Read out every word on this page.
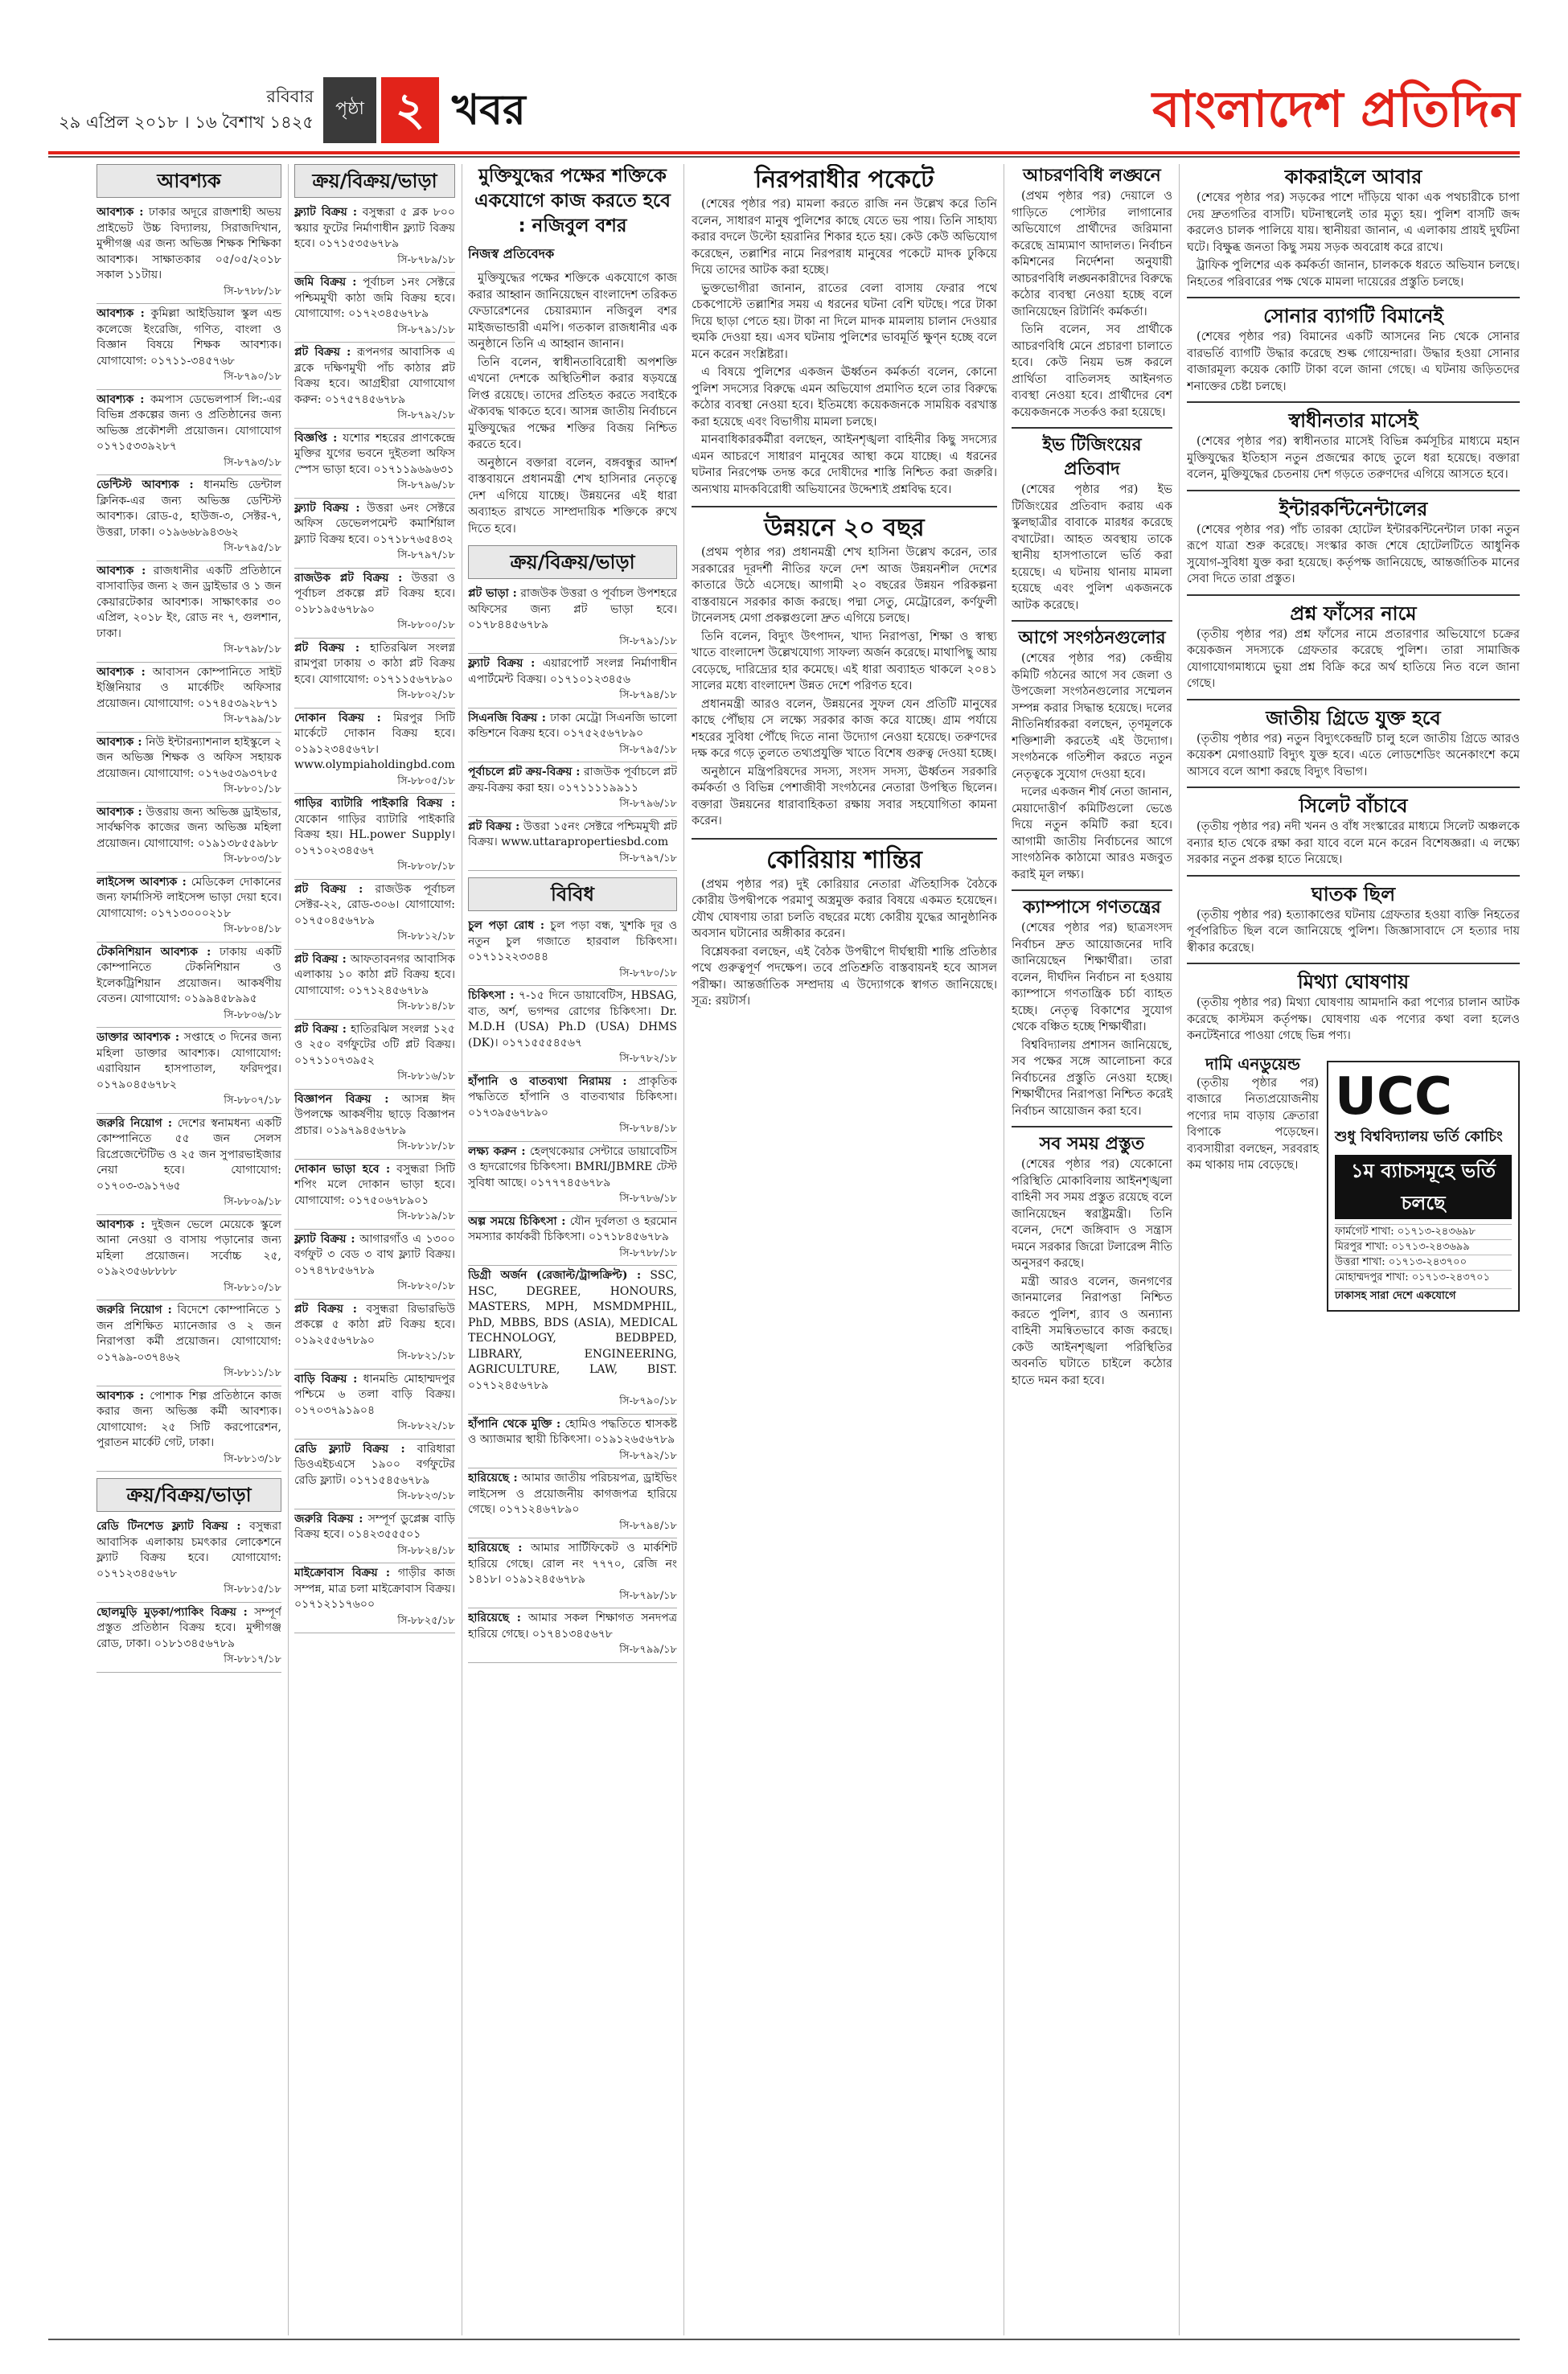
রবিবার
২৯ এপ্রিল ২০১৮ । ১৬ বৈশাখ ১৪২৫
পৃষ্ঠা ২ খবর	বাংলাদেশ প্রতিদিন
আবশ্যক
আবশ্যক : ঢাকার অদূরে রাজশাহী অভয় প্রাইভেট উচ্চ বিদ্যালয়, সিরাজদিখান, মুন্সীগঞ্জ এর জন্য অভিজ্ঞ শিক্ষক শিক্ষিকা আবশ্যক। সাক্ষাতকার ০৫/০৫/২০১৮ সকাল ১১টায়।
সি-৮৭৮৮/১৮
আবশ্যক : কুমিল্লা আইডিয়াল স্কুল এন্ড কলেজে ইংরেজি, গণিত, বাংলা ও বিজ্ঞান বিষয়ে শিক্ষক আবশ্যক। যোগাযোগ: ০১৭১১-৩৪৫৭৬৮
সি-৮৭৯০/১৮
আবশ্যক : কমপাস ডেভেলপার্স লি:-এর বিভিন্ন প্রকল্পের জন্য ও প্রতিষ্ঠানের জন্য অভিজ্ঞ প্রকৌশলী প্রয়োজন। যোগাযোগ ০১৭১৫৩৩৯২৮৭
সি-৮৭৯৩/১৮
ডেন্টিস্ট আবশ্যক : ধানমন্ডি ডেন্টাল ক্লিনিক-এর জন্য অভিজ্ঞ ডেন্টিস্ট আবশ্যক। রোড-৫, হাউজ-৩, সেক্টর-৭, উত্তরা, ঢাকা। ০১৯৬৬৮৯৪৩৬২
সি-৮৭৯৫/১৮
আবশ্যক : রাজধানীর একটি প্রতিষ্ঠানে বাসাবাড়ির জন্য ২ জন ড্রাইভার ও ১ জন কেয়ারটেকার আবশ্যক। সাক্ষাৎকার ৩০ এপ্রিল, ২০১৮ ইং, রোড নং ৭, গুলশান, ঢাকা।
সি-৮৭৯৮/১৮
আবশ্যক : আবাসন কোম্পানিতে সাইট ইঞ্জিনিয়ার ও মার্কেটিং অফিসার প্রয়োজন। যোগাযোগ: ০১৭৪৫৩৯২৮৭১
সি-৮৭৯৯/১৮
আবশ্যক : নিউ ইন্টারন্যাশনাল হাইস্কুলে ২ জন অভিজ্ঞ শিক্ষক ও অফিস সহায়ক প্রয়োজন। যোগাযোগ: ০১৭৬৫৩৯৩৭৮৫
সি-৮৮০১/১৮
আবশ্যক : উত্তরায় জন্য অভিজ্ঞ ড্রাইভার, সার্বক্ষণিক কাজের জন্য অভিজ্ঞ মহিলা প্রয়োজন। যোগাযোগ: ০১৯১৩৮৫৫৯৮৮
সি-৮৮০৩/১৮
লাইসেন্স আবশ্যক : মেডিকেল দোকানের জন্য ফার্মাসিস্ট লাইসেন্স ভাড়া দেয়া হবে। যোগাযোগ: ০১৭১৩০০০২১৮
সি-৮৮০৪/১৮
টেকনিশিয়ান আবশ্যক : ঢাকায় একটি কোম্পানিতে টেকনিশিয়ান ও ইলেকট্রিশিয়ান প্রয়োজন। আকর্ষণীয় বেতন। যোগাযোগ: ০১৯৯৪৫৮৯৯৫
সি-৮৮০৬/১৮
ডাক্তার আবশ্যক : সপ্তাহে ৩ দিনের জন্য মহিলা ডাক্তার আবশ্যক। যোগাযোগ: এরাবিয়ান হাসপাতাল, ফরিদপুর। ০১৭৯০৪৫৬৭৮২
সি-৮৮০৭/১৮
জরুরি নিয়োগ : দেশের স্বনামধন্য একটি কোম্পানিতে ৫৫ জন সেলস রিপ্রেজেন্টেটিভ ও ২৫ জন সুপারভাইজার নেয়া হবে। যোগাযোগ: ০১৭০৩-৩৯১৭৬৫
সি-৮৮০৯/১৮
আবশ্যক : দুইজন ভেলে মেয়েকে স্কুলে আনা নেওয়া ও বাসায় পড়ানোর জন্য মহিলা প্রয়োজন। সর্বোচ্চ ২৫, ০১৯২৩৫৬৮৮৮৮
সি-৮৮১০/১৮
জরুরি নিয়োগ : বিদেশে কোম্পানিতে ১ জন প্রশিক্ষিত ম্যানেজার ও ২ জন নিরাপত্তা কর্মী প্রয়োজন। যোগাযোগ: ০১৭৯৯-০৩৭৪৬২
সি-৮৮১১/১৮
আবশ্যক : পোশাক শিল্প প্রতিষ্ঠানে কাজ করার জন্য অভিজ্ঞ কর্মী আবশ্যক। যোগাযোগ: ২৫ সিটি করপোরেশন, পুরাতন মার্কেট গেট, ঢাকা।
সি-৮৮১৩/১৮
ক্রয়/বিক্রয়/ভাড়া
রেডি টিনশেড ফ্ল্যাট বিক্রয় : বসুন্ধরা আবাসিক এলাকায় চমৎকার লোকেশনে ফ্ল্যাট বিক্রয় হবে। যোগাযোগ: ০১৭১২৩৪৫৬৭৮
সি-৮৮১৫/১৮
ছোলমুড়ি মুড়কা/প্যাকিং বিক্রয় : সম্পূর্ণ প্রস্তুত প্রতিষ্ঠান বিক্রয় হবে। মুন্সীগঞ্জ রোড, ঢাকা। ০১৮১৩৪৫৬৭৮৯
সি-৮৮১৭/১৮
ক্রয়/বিক্রয়/ভাড়া
ফ্ল্যাট বিক্রয় : বসুন্ধরা ৫ ব্লক ৮০০ স্কয়ার ফুটের নির্মাণাধীন ফ্ল্যাট বিক্রয় হবে। ০১৭১৫৩৫৬৭৮৯
সি-৮৭৮৯/১৮
জমি বিক্রয় : পূর্বাচল ১নং সেক্টরে পশ্চিমমুখী কাঠা জমি বিক্রয় হবে। যোগাযোগ: ০১৭২৩৪৫৬৭৮৯
সি-৮৭৯১/১৮
প্লট বিক্রয় : রূপনগর আবাসিক এ ব্লকে দক্ষিণমুখী পাঁচ কাঠার প্লট বিক্রয় হবে। আগ্রহীরা যোগাযোগ করুন: ০১৭৫৭৪৫৬৭৮৯
সি-৮৭৯২/১৮
বিজ্ঞপ্তি : যশোর শহরের প্রাণকেন্দ্রে মুক্তির যুগের ভবনে দুইতলা অফিস স্পেস ভাড়া হবে। ০১৭১১৯৬৯৬৩১
সি-৮৭৯৬/১৮
ফ্ল্যাট বিক্রয় : উত্তরা ৬নং সেক্টরে অফিস ডেভেলপমেন্ট কমার্শিয়াল ফ্ল্যাট বিক্রয় হবে। ০১৭১৮৭৬৫৪৩২
সি-৮৭৯৭/১৮
রাজউক প্লট বিক্রয় : উত্তরা ও পূর্বাচল প্রকল্পে প্লট বিক্রয় হবে। ০১৮১৯৫৬৭৮৯০
সি-৮৮০০/১৮
প্লট বিক্রয় : হাতিরঝিল সংলগ্ন রামপুরা ঢাকায় ৩ কাঠা প্লট বিক্রয় হবে। যোগাযোগ: ০১৭১১৫৬৭৮৯০
সি-৮৮০২/১৮
দোকান বিক্রয় : মিরপুর সিটি মার্কেটে দোকান বিক্রয় হবে। ০১৯১২৩৪৫৬৭৮। www.olympiaholdingbd.com
সি-৮৮০৫/১৮
গাড়ির ব্যাটারি পাইকারি বিক্রয় : যেকোন গাড়ির ব্যাটারি পাইকারি বিক্রয় হয়। HL.power Supply। ০১৭১০২৩৪৫৬৭
সি-৮৮০৮/১৮
প্লট বিক্রয় : রাজউক পূর্বাচল সেক্টর-২২, রোড-৩০৬। যোগাযোগ: ০১৭৫০৪৫৬৭৮৯
সি-৮৮১২/১৮
প্লট বিক্রয় : আফতাবনগর আবাসিক এলাকায় ১০ কাঠা প্লট বিক্রয় হবে। যোগাযোগ: ০১৭১২৪৫৬৭৮৯
সি-৮৮১৪/১৮
প্লট বিক্রয় : হাতিরঝিল সংলগ্ন ১২৫ ও ২৫০ বর্গফুটের ৩টি প্লট বিক্রয়। ০১৭১১০৭৩৯৫২
সি-৮৮১৬/১৮
বিজ্ঞাপন বিক্রয় : আসন্ন ঈদ উপলক্ষে আকর্ষণীয় ছাড়ে বিজ্ঞাপন প্রচার। ০১৯৭৯৪৫৬৭৮৯
সি-৮৮১৮/১৮
দোকান ভাড়া হবে : বসুন্ধরা সিটি শপিং মলে দোকান ভাড়া হবে। যোগাযোগ: ০১৭৫০৬৭৮৯০১
সি-৮৮১৯/১৮
ফ্ল্যাট বিক্রয় : আগারগাঁও এ ১৩০০ বর্গফুট ৩ বেড ৩ বাথ ফ্ল্যাট বিক্রয়। ০১৭৪৭৮৫৬৭৮৯
সি-৮৮২০/১৮
প্লট বিক্রয় : বসুন্ধরা রিভারভিউ প্রকল্পে ৫ কাঠা প্লট বিক্রয় হবে। ০১৯২৫৫৬৭৮৯০
সি-৮৮২১/১৮
বাড়ি বিক্রয় : ধানমন্ডি মোহাম্মদপুর পশ্চিমে ৬ তলা বাড়ি বিক্রয়। ০১৭০৩৭৯১৯০৪
সি-৮৮২২/১৮
রেডি ফ্ল্যাট বিক্রয় : বারিধারা ডিওএইচএসে ১৯০০ বর্গফুটের রেডি ফ্ল্যাট। ০১৭১৫৪৫৬৭৮৯
সি-৮৮২৩/১৮
জরুরি বিক্রয় : সম্পূর্ণ ডুপ্লেক্স বাড়ি বিক্রয় হবে। ০১৪২৩৫৫৫০১
সি-৮৮২৪/১৮
মাইক্রোবাস বিক্রয় : গাড়ীর কাজ সম্পন্ন, মাত্র চলা মাইক্রোবাস বিক্রয়। ০১৭১২১১৭৬০০
সি-৮৮২৫/১৮
মুক্তিযুদ্ধের পক্ষের শক্তিকে একযোগে কাজ করতে হবে : নজিবুল বশর
নিজস্ব প্রতিবেদক

মুক্তিযুদ্ধের পক্ষের শক্তিকে একযোগে কাজ করার আহ্বান জানিয়েছেন বাংলাদেশ তরিকত ফেডারেশনের চেয়ারম্যান নজিবুল বশর মাইজভান্ডারী এমপি। গতকাল রাজধানীর এক অনুষ্ঠানে তিনি এ আহ্বান জানান।

তিনি বলেন, স্বাধীনতাবিরোধী অপশক্তি এখনো দেশকে অস্থিতিশীল করার ষড়যন্ত্রে লিপ্ত রয়েছে। তাদের প্রতিহত করতে সবাইকে ঐক্যবদ্ধ থাকতে হবে। আসন্ন জাতীয় নির্বাচনে মুক্তিযুদ্ধের পক্ষের শক্তির বিজয় নিশ্চিত করতে হবে।

অনুষ্ঠানে বক্তারা বলেন, বঙ্গবন্ধুর আদর্শ বাস্তবায়নে প্রধানমন্ত্রী শেখ হাসিনার নেতৃত্বে দেশ এগিয়ে যাচ্ছে। উন্নয়নের এই ধারা অব্যাহত রাখতে সাম্প্রদায়িক শক্তিকে রুখে দিতে হবে।

ক্রয়/বিক্রয়/ভাড়া
প্লট ভাড়া : রাজউক উত্তরা ও পূর্বাচল উপশহরে অফিসের জন্য প্লট ভাড়া হবে। ০১৭৮৪৪৫৬৭৮৯
সি-৮৭৯১/১৮
ফ্ল্যাট বিক্রয় : এয়ারপোর্ট সংলগ্ন নির্মাণাধীন এপার্টমেন্ট বিক্রয়। ০১৭১০১২৩৪৫৬
সি-৮৭৯৪/১৮
সিএনজি বিক্রয় : ঢাকা মেট্রো সিএনজি ভালো কন্ডিশনে বিক্রয় হবে। ০১৭৫২৫৬৭৮৯০
সি-৮৭৯৫/১৮
পূর্বাচলে প্লট ক্রয়-বিক্রয় : রাজউক পূর্বাচলে প্লট ক্রয়-বিক্রয় করা হয়। ০১৭১১১১৯৯১১
সি-৮৭৯৬/১৮
প্লট বিক্রয় : উত্তরা ১৫নং সেক্টরে পশ্চিমমুখী প্লট বিক্রয়। www.uttarapropertiesbd.com
সি-৮৭৯৭/১৮
বিবিধ
চুল পড়া রোধ : চুল পড়া বন্ধ, খুশকি দূর ও নতুন চুল গজাতে হারবাল চিকিৎসা। ০১৭১১২২৩৩৪৪
সি-৮৭৮০/১৮
চিকিৎসা : ৭-১৫ দিনে ডায়াবেটিস, HBSAG, বাত, অর্শ, ভগন্দর রোগের চিকিৎসা। Dr. M.D.H (USA) Ph.D (USA) DHMS (DK)। ০১৭১৫৫৫৪৫৬৭
সি-৮৭৮২/১৮
হাঁপানি ও বাতব্যথা নিরাময় : প্রাকৃতিক পদ্ধতিতে হাঁপানি ও বাতব্যথার চিকিৎসা। ০১৭৩৯৫৬৭৮৯০
সি-৮৭৮৪/১৮
লক্ষ্য করুন : হেল্থকেয়ার সেন্টারে ডায়াবেটিস ও হৃদরোগের চিকিৎসা। BMRI/JBMRE টেস্ট সুবিধা আছে। ০১৭৭৭৪৫৬৭৮৯
সি-৮৭৮৬/১৮
অল্প সময়ে চিকিৎসা : যৌন দুর্বলতা ও হরমোন সমস্যার কার্যকরী চিকিৎসা। ০১৭১৮৪৫৬৭৮৯
সি-৮৭৮৮/১৮
ডিগ্রী অর্জন (রেজাল্ট/ট্রান্সক্রিপ্ট) : SSC, HSC, DEGREE, HONOURS, MASTERS, MPH, MSMDMPHIL, PhD, MBBS, BDS (ASIA), MEDICAL TECHNOLOGY, BEDBPED, LIBRARY, ENGINEERING, AGRICULTURE, LAW, BIST. ০১৭১২৪৫৬৭৮৯
সি-৮৭৯০/১৮
হাঁপানি থেকে মুক্তি : হোমিও পদ্ধতিতে শ্বাসকষ্ট ও অ্যাজমার স্থায়ী চিকিৎসা। ০১৯১২৬৫৬৭৮৯
সি-৮৭৯২/১৮
হারিয়েছে : আমার জাতীয় পরিচয়পত্র, ড্রাইভিং লাইসেন্স ও প্রয়োজনীয় কাগজপত্র হারিয়ে গেছে। ০১৭১২৪৬৭৮৯০
সি-৮৭৯৪/১৮
হারিয়েছে : আমার সার্টিফিকেট ও মার্কশিট হারিয়ে গেছে। রোল নং ৭৭৭০, রেজি নং ১৪১৮। ০১৯১২৪৫৬৭৮৯
সি-৮৭৯৮/১৮
হারিয়েছে : আমার সকল শিক্ষাগত সনদপত্র হারিয়ে গেছে। ০১৭৪১৩৪৫৬৭৮
সি-৮৭৯৯/১৮
নিরপরাধীর পকেটে

(শেষের পৃষ্ঠার পর) মামলা করতে রাজি নন উল্লেখ করে তিনি বলেন, সাধারণ মানুষ পুলিশের কাছে যেতে ভয় পায়। তিনি সাহায্য করার বদলে উল্টো হয়রানির শিকার হতে হয়। কেউ কেউ অভিযোগ করেছেন, তল্লাশির নামে নিরপরাধ মানুষের পকেটে মাদক ঢুকিয়ে দিয়ে তাদের আটক করা হচ্ছে।

ভুক্তভোগীরা জানান, রাতের বেলা বাসায় ফেরার পথে চেকপোস্টে তল্লাশির সময় এ ধরনের ঘটনা বেশি ঘটছে। পরে টাকা দিয়ে ছাড়া পেতে হয়। টাকা না দিলে মাদক মামলায় চালান দেওয়ার হুমকি দেওয়া হয়। এসব ঘটনায় পুলিশের ভাবমূর্তি ক্ষুণ্ন হচ্ছে বলে মনে করেন সংশ্লিষ্টরা।

এ বিষয়ে পুলিশের একজন ঊর্ধ্বতন কর্মকর্তা বলেন, কোনো পুলিশ সদস্যের বিরুদ্ধে এমন অভিযোগ প্রমাণিত হলে তার বিরুদ্ধে কঠোর ব্যবস্থা নেওয়া হবে। ইতিমধ্যে কয়েকজনকে সাময়িক বরখাস্ত করা হয়েছে এবং বিভাগীয় মামলা চলছে।

মানবাধিকারকর্মীরা বলছেন, আইনশৃঙ্খলা বাহিনীর কিছু সদস্যের এমন আচরণে সাধারণ মানুষের আস্থা কমে যাচ্ছে। এ ধরনের ঘটনার নিরপেক্ষ তদন্ত করে দোষীদের শাস্তি নিশ্চিত করা জরুরি। অন্যথায় মাদকবিরোধী অভিযানের উদ্দেশ্যই প্রশ্নবিদ্ধ হবে।

উন্নয়নে ২০ বছর

(প্রথম পৃষ্ঠার পর) প্রধানমন্ত্রী শেখ হাসিনা উল্লেখ করেন, তার সরকারের দূরদর্শী নীতির ফলে দেশ আজ উন্নয়নশীল দেশের কাতারে উঠে এসেছে। আগামী ২০ বছরের উন্নয়ন পরিকল্পনা বাস্তবায়নে সরকার কাজ করছে। পদ্মা সেতু, মেট্রোরেল, কর্ণফুলী টানেলসহ মেগা প্রকল্পগুলো দ্রুত এগিয়ে চলছে।

তিনি বলেন, বিদ্যুৎ উৎপাদন, খাদ্য নিরাপত্তা, শিক্ষা ও স্বাস্থ্য খাতে বাংলাদেশ উল্লেখযোগ্য সাফল্য অর্জন করেছে। মাথাপিছু আয় বেড়েছে, দারিদ্র্যের হার কমেছে। এই ধারা অব্যাহত থাকলে ২০৪১ সালের মধ্যে বাংলাদেশ উন্নত দেশে পরিণত হবে।

প্রধানমন্ত্রী আরও বলেন, উন্নয়নের সুফল যেন প্রতিটি মানুষের কাছে পৌঁছায় সে লক্ষ্যে সরকার কাজ করে যাচ্ছে। গ্রাম পর্যায়ে শহরের সুবিধা পৌঁছে দিতে নানা উদ্যোগ নেওয়া হয়েছে। তরুণদের দক্ষ করে গড়ে তুলতে তথ্যপ্রযুক্তি খাতে বিশেষ গুরুত্ব দেওয়া হচ্ছে।

অনুষ্ঠানে মন্ত্রিপরিষদের সদস্য, সংসদ সদস্য, ঊর্ধ্বতন সরকারি কর্মকর্তা ও বিভিন্ন পেশাজীবী সংগঠনের নেতারা উপস্থিত ছিলেন। বক্তারা উন্নয়নের ধারাবাহিকতা রক্ষায় সবার সহযোগিতা কামনা করেন।

কোরিয়ায় শান্তির

(প্রথম পৃষ্ঠার পর) দুই কোরিয়ার নেতারা ঐতিহাসিক বৈঠকে কোরীয় উপদ্বীপকে পরমাণু অস্ত্রমুক্ত করার বিষয়ে একমত হয়েছেন। যৌথ ঘোষণায় তারা চলতি বছরের মধ্যে কোরীয় যুদ্ধের আনুষ্ঠানিক অবসান ঘটানোর অঙ্গীকার করেন।

বিশ্লেষকরা বলছেন, এই বৈঠক উপদ্বীপে দীর্ঘস্থায়ী শান্তি প্রতিষ্ঠার পথে গুরুত্বপূর্ণ পদক্ষেপ। তবে প্রতিশ্রুতি বাস্তবায়নই হবে আসল পরীক্ষা। আন্তর্জাতিক সম্প্রদায় এ উদ্যোগকে স্বাগত জানিয়েছে। সূত্র: রয়টার্স।

আচরণবিধি লঙ্ঘনে

(প্রথম পৃষ্ঠার পর) দেয়ালে ও গাড়িতে পোস্টার লাগানোর অভিযোগে প্রার্থীদের জরিমানা করেছে ভ্রাম্যমাণ আদালত। নির্বাচন কমিশনের নির্দেশনা অনুযায়ী আচরণবিধি লঙ্ঘনকারীদের বিরুদ্ধে কঠোর ব্যবস্থা নেওয়া হচ্ছে বলে জানিয়েছেন রিটার্নিং কর্মকর্তা।

তিনি বলেন, সব প্রার্থীকে আচরণবিধি মেনে প্রচারণা চালাতে হবে। কেউ নিয়ম ভঙ্গ করলে প্রার্থিতা বাতিলসহ আইনগত ব্যবস্থা নেওয়া হবে। প্রার্থীদের বেশ কয়েকজনকে সতর্কও করা হয়েছে।

ইভ টিজিংয়ের প্রতিবাদ

(শেষের পৃষ্ঠার পর) ইভ টিজিংয়ের প্রতিবাদ করায় এক স্কুলছাত্রীর বাবাকে মারধর করেছে বখাটেরা। আহত অবস্থায় তাকে স্থানীয় হাসপাতালে ভর্তি করা হয়েছে। এ ঘটনায় থানায় মামলা হয়েছে এবং পুলিশ একজনকে আটক করেছে।

আগে সংগঠনগুলোর

(শেষের পৃষ্ঠার পর) কেন্দ্রীয় কমিটি গঠনের আগে সব জেলা ও উপজেলা সংগঠনগুলোর সম্মেলন সম্পন্ন করার সিদ্ধান্ত হয়েছে। দলের নীতিনির্ধারকরা বলছেন, তৃণমূলকে শক্তিশালী করতেই এই উদ্যোগ। সংগঠনকে গতিশীল করতে নতুন নেতৃত্বকে সুযোগ দেওয়া হবে।

দলের একজন শীর্ষ নেতা জানান, মেয়াদোত্তীর্ণ কমিটিগুলো ভেঙে দিয়ে নতুন কমিটি করা হবে। আগামী জাতীয় নির্বাচনের আগে সাংগঠনিক কাঠামো আরও মজবুত করাই মূল লক্ষ্য।

ক্যাম্পাসে গণতন্ত্রের

(শেষের পৃষ্ঠার পর) ছাত্রসংসদ নির্বাচন দ্রুত আয়োজনের দাবি জানিয়েছেন শিক্ষার্থীরা। তারা বলেন, দীর্ঘদিন নির্বাচন না হওয়ায় ক্যাম্পাসে গণতান্ত্রিক চর্চা ব্যাহত হচ্ছে। নেতৃত্ব বিকাশের সুযোগ থেকে বঞ্চিত হচ্ছে শিক্ষার্থীরা।

বিশ্ববিদ্যালয় প্রশাসন জানিয়েছে, সব পক্ষের সঙ্গে আলোচনা করে নির্বাচনের প্রস্তুতি নেওয়া হচ্ছে। শিক্ষার্থীদের নিরাপত্তা নিশ্চিত করেই নির্বাচন আয়োজন করা হবে।

সব সময় প্রস্তুত

(শেষের পৃষ্ঠার পর) যেকোনো পরিস্থিতি মোকাবিলায় আইনশৃঙ্খলা বাহিনী সব সময় প্রস্তুত রয়েছে বলে জানিয়েছেন স্বরাষ্ট্রমন্ত্রী। তিনি বলেন, দেশে জঙ্গিবাদ ও সন্ত্রাস দমনে সরকার জিরো টলারেন্স নীতি অনুসরণ করছে।

মন্ত্রী আরও বলেন, জনগণের জানমালের নিরাপত্তা নিশ্চিত করতে পুলিশ, র‌্যাব ও অন্যান্য বাহিনী সমন্বিতভাবে কাজ করছে। কেউ আইনশৃঙ্খলা পরিস্থিতির অবনতি ঘটাতে চাইলে কঠোর হাতে দমন করা হবে।

কাকরাইলে আবার

(শেষের পৃষ্ঠার পর) সড়কের পাশে দাঁড়িয়ে থাকা এক পথচারীকে চাপা দেয় দ্রুতগতির বাসটি। ঘটনাস্থলেই তার মৃত্যু হয়। পুলিশ বাসটি জব্দ করলেও চালক পালিয়ে যায়। স্থানীয়রা জানান, এ এলাকায় প্রায়ই দুর্ঘটনা ঘটে। বিক্ষুব্ধ জনতা কিছু সময় সড়ক অবরোধ করে রাখে।

ট্রাফিক পুলিশের এক কর্মকর্তা জানান, চালককে ধরতে অভিযান চলছে। নিহতের পরিবারের পক্ষ থেকে মামলা দায়েরের প্রস্তুতি চলছে।

সোনার ব্যাগটি বিমানেই

(শেষের পৃষ্ঠার পর) বিমানের একটি আসনের নিচ থেকে সোনার বারভর্তি ব্যাগটি উদ্ধার করেছে শুল্ক গোয়েন্দারা। উদ্ধার হওয়া সোনার বাজারমূল্য কয়েক কোটি টাকা বলে জানা গেছে। এ ঘটনায় জড়িতদের শনাক্তের চেষ্টা চলছে।

স্বাধীনতার মাসেই

(শেষের পৃষ্ঠার পর) স্বাধীনতার মাসেই বিভিন্ন কর্মসূচির মাধ্যমে মহান মুক্তিযুদ্ধের ইতিহাস নতুন প্রজন্মের কাছে তুলে ধরা হয়েছে। বক্তারা বলেন, মুক্তিযুদ্ধের চেতনায় দেশ গড়তে তরুণদের এগিয়ে আসতে হবে।

ইন্টারকন্টিনেন্টালের

(শেষের পৃষ্ঠার পর) পাঁচ তারকা হোটেল ইন্টারকন্টিনেন্টাল ঢাকা নতুন রূপে যাত্রা শুরু করেছে। সংস্কার কাজ শেষে হোটেলটিতে আধুনিক সুযোগ-সুবিধা যুক্ত করা হয়েছে। কর্তৃপক্ষ জানিয়েছে, আন্তর্জাতিক মানের সেবা দিতে তারা প্রস্তুত।

প্রশ্ন ফাঁসের নামে

(তৃতীয় পৃষ্ঠার পর) প্রশ্ন ফাঁসের নামে প্রতারণার অভিযোগে চক্রের কয়েকজন সদস্যকে গ্রেফতার করেছে পুলিশ। তারা সামাজিক যোগাযোগমাধ্যমে ভুয়া প্রশ্ন বিক্রি করে অর্থ হাতিয়ে নিত বলে জানা গেছে।

জাতীয় গ্রিডে যুক্ত হবে

(তৃতীয় পৃষ্ঠার পর) নতুন বিদ্যুৎকেন্দ্রটি চালু হলে জাতীয় গ্রিডে আরও কয়েকশ মেগাওয়াট বিদ্যুৎ যুক্ত হবে। এতে লোডশেডিং অনেকাংশে কমে আসবে বলে আশা করছে বিদ্যুৎ বিভাগ।

সিলেট বাঁচাবে

(তৃতীয় পৃষ্ঠার পর) নদী খনন ও বাঁধ সংস্কারের মাধ্যমে সিলেট অঞ্চলকে বন্যার হাত থেকে রক্ষা করা যাবে বলে মনে করেন বিশেষজ্ঞরা। এ লক্ষ্যে সরকার নতুন প্রকল্প হাতে নিয়েছে।

ঘাতক ছিল

(তৃতীয় পৃষ্ঠার পর) হত্যাকাণ্ডের ঘটনায় গ্রেফতার হওয়া ব্যক্তি নিহতের পূর্বপরিচিত ছিল বলে জানিয়েছে পুলিশ। জিজ্ঞাসাবাদে সে হত্যার দায় স্বীকার করেছে।

মিথ্যা ঘোষণায়

(তৃতীয় পৃষ্ঠার পর) মিথ্যা ঘোষণায় আমদানি করা পণ্যের চালান আটক করেছে কাস্টমস কর্তৃপক্ষ। ঘোষণায় এক পণ্যের কথা বলা হলেও কনটেইনারে পাওয়া গেছে ভিন্ন পণ্য।

দামি এনডুয়েন্ড

(তৃতীয় পৃষ্ঠার পর) বাজারে নিত্যপ্রয়োজনীয় পণ্যের দাম বাড়ায় ক্রেতারা বিপাকে পড়েছেন। ব্যবসায়ীরা বলছেন, সরবরাহ কম থাকায় দাম বেড়েছে।

UCC
শুধু বিশ্ববিদ্যালয় ভর্তি কোচিং
১ম ব্যাচসমূহে ভর্তি চলছে
ফার্মগেট শাখা: ০১৭১৩-২৪৩৬৯৮
মিরপুর শাখা: ০১৭১৩-২৪৩৬৯৯
উত্তরা শাখা: ০১৭১৩-২৪৩৭০০
মোহাম্মদপুর শাখা: ০১৭১৩-২৪৩৭০১
ঢাকাসহ সারা দেশে একযোগে
